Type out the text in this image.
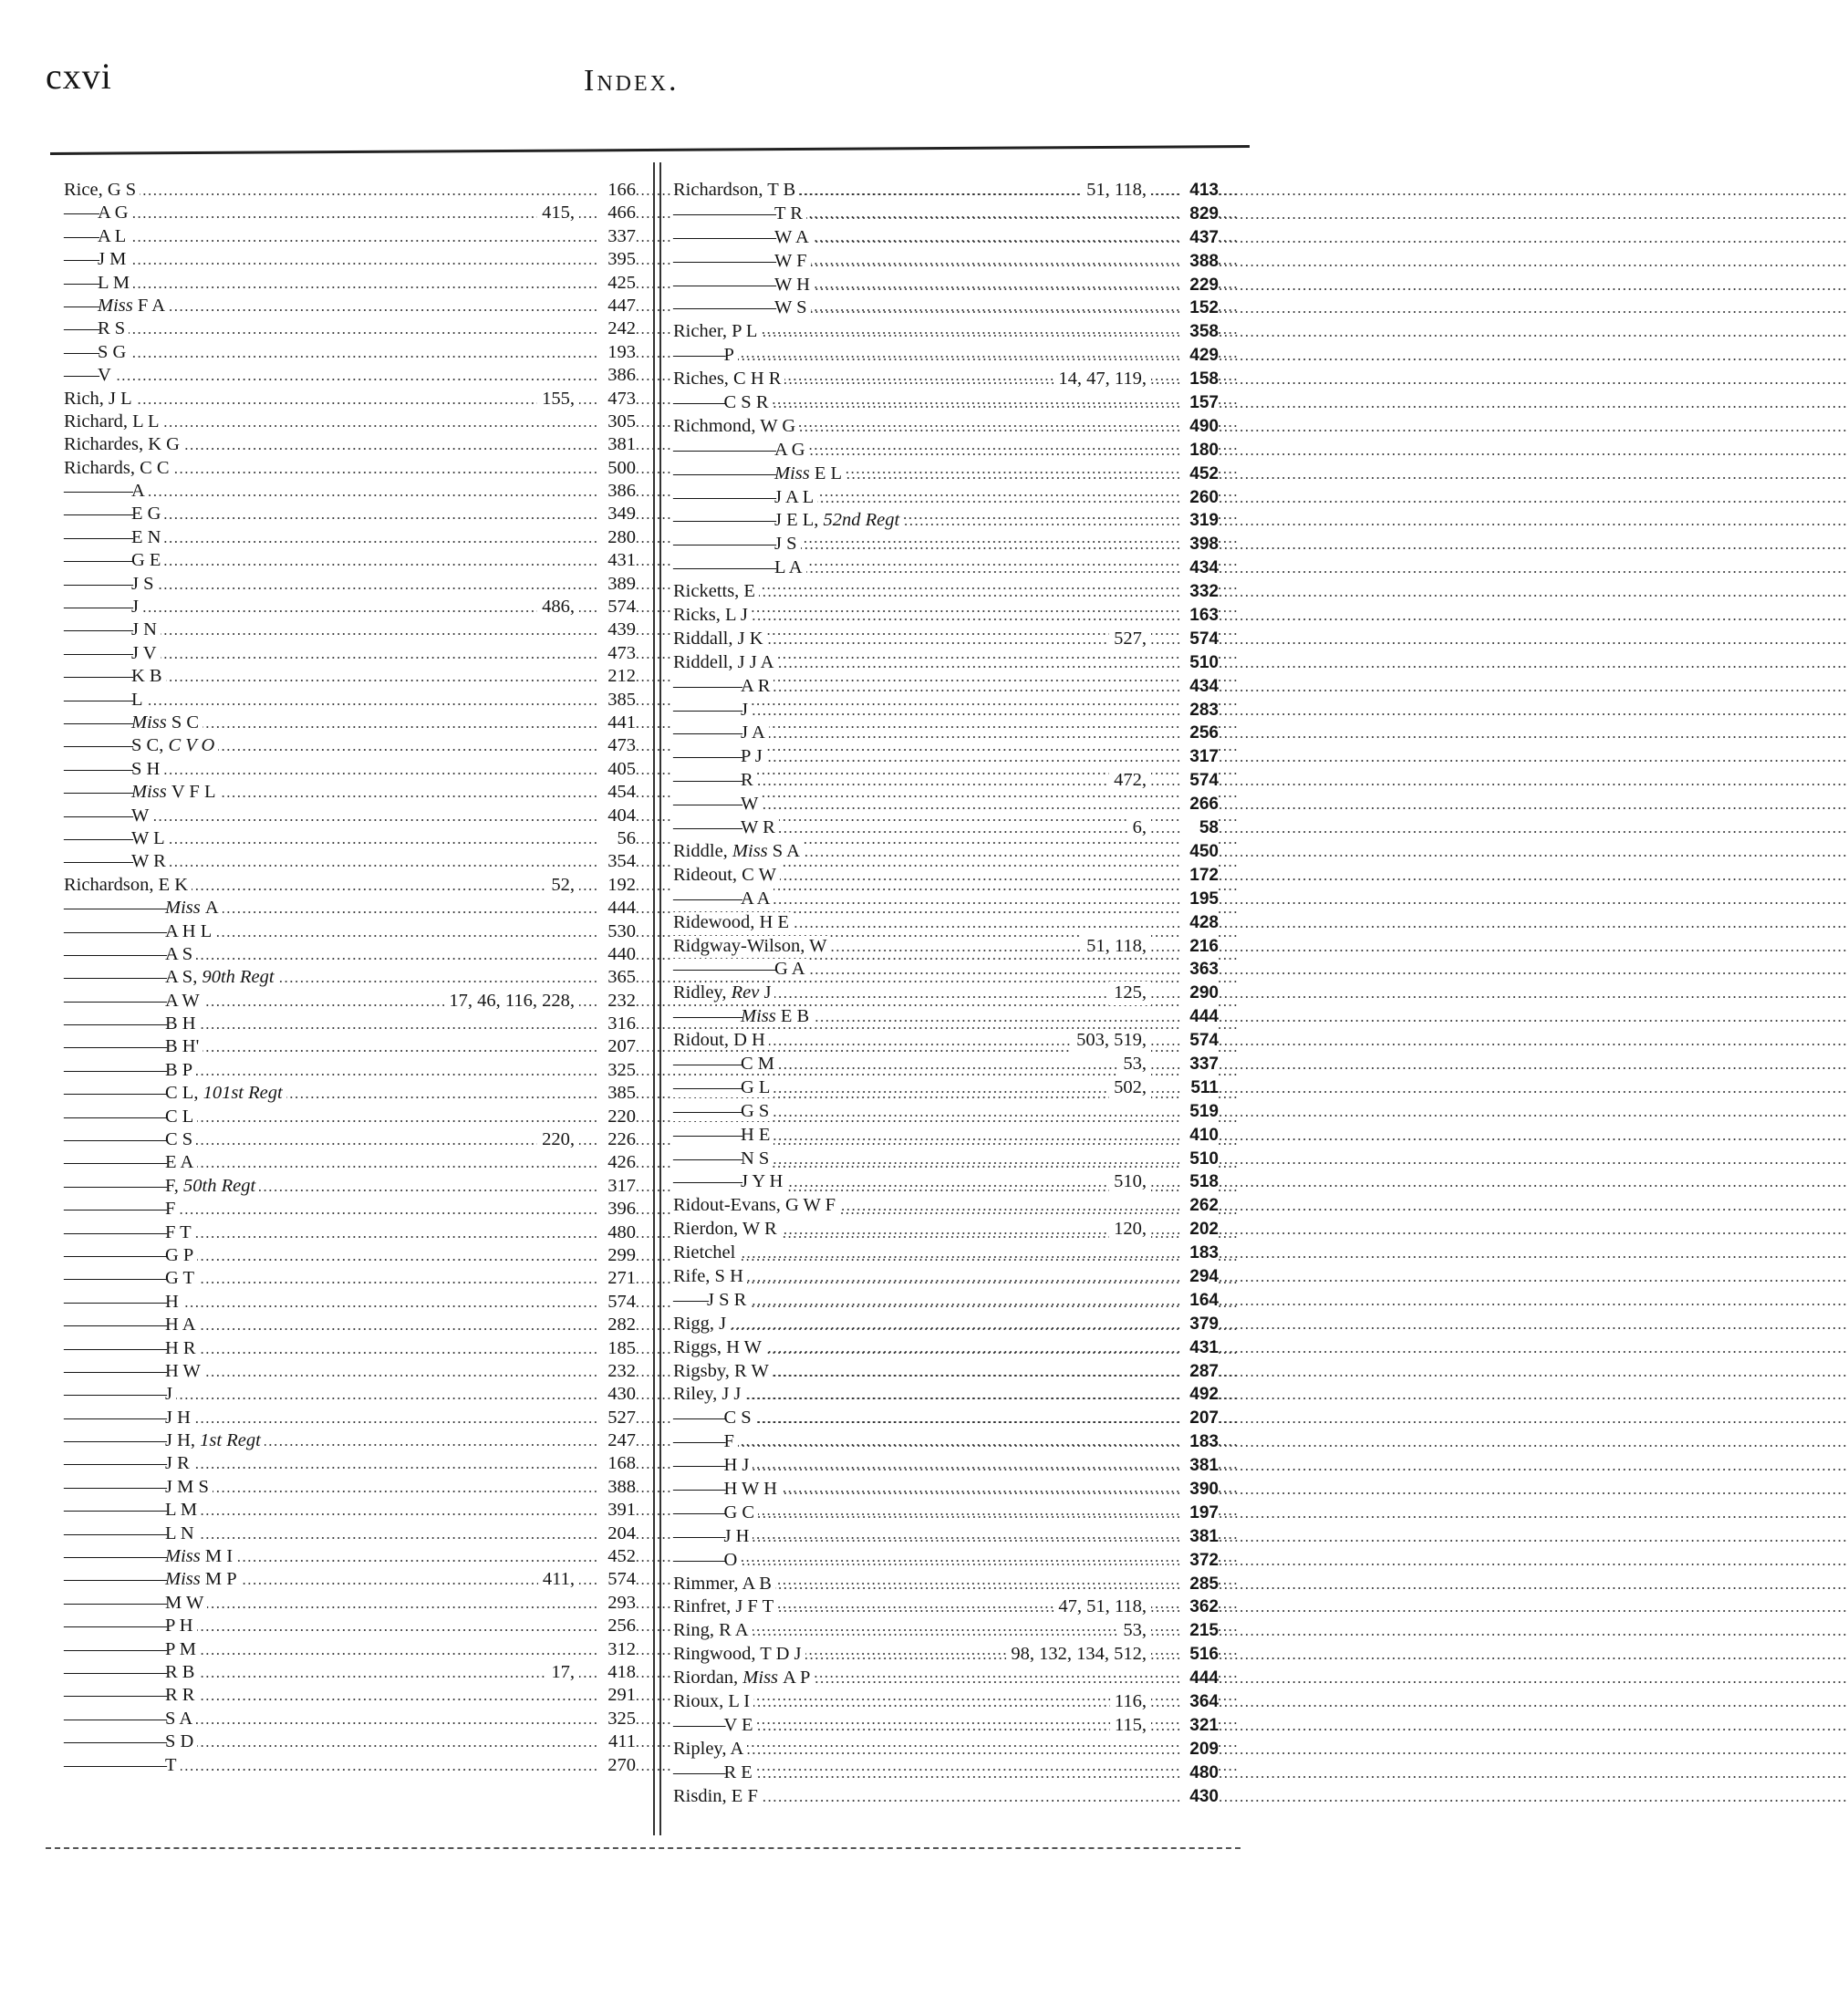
cxvi	Index.
.....
Rice, G S	166
.....
——A G	415,	466
.....
——A L	337
.....
——J M	395
.....
——L M	425
.....
——Miss F A	447
.....
——R S	242
.....
——S G	193
.....
——V	386
.....
Rich, J L	155,	473
.....
Richard, L L	305
.....
Richardes, K G	381
.....
Richards, C C	500
.....
————A	386
.....
————E G	349
.....
————E N	280
.....
————G E	431
.....
————J S	389
.....
————J	486,	574
.....
————J N	439
.....
————J V	473
.....
————K B	212
.....
————L	385
.....
————Miss S C	441
.....
————S C, C V O	473
.....
————S H	405
.....
————Miss V F L	454
.....
————W	404
.....
————W L	56
.....
————W R	354
.....
Richardson, E K	52,	192
.....
——————Miss A	444
.....
——————A H L	530
.....
——————A S	440
.....
——————A S, 90th Regt	365
.....
——————A W	17, 46, 116, 228,	232
.....
——————B H	316
.....
——————B H'	207
.....
——————B P	325
.....
——————C L, 101st Regt	385
.....
——————C L	220
.....
——————C S	220,	226
.....
——————E A	426
.....
——————F, 50th Regt	317
.....
——————F	396
.....
——————F T	480
.....
——————G P	299
.....
——————G T	271
.....
——————H	574
.....
——————H A	282
.....
——————H R	185
.....
——————H W	232
.....
——————J	430
.....
——————J H	527
.....
——————J H, 1st Regt	247
.....
——————J R	168
.....
——————J M S	388
.....
——————L M	391
.....
——————L N	204
.....
——————Miss M I	452
.....
——————Miss M P	411,	574
.....
——————M W	293
.....
——————P H	256
.....
——————P M	312
.....
——————R B	17,	418
.....
——————R R	291
.....
——————S A	325
.....
——————S D	411
.....
——————T	270
.....
Richardson, T B	51, 118,	413
.....
——————T R	829
.....
——————W A	437
.....
——————W F	388
.....
——————W H	229
.....
——————W S	152
.....
Richer, P L	358
.....
———P	429
.....
Riches, C H R	14, 47, 119,	158
.....
———C S R	157
.....
Richmond, W G	490
.....
——————A G	180
.....
——————Miss E L	452
.....
——————J A L	260
.....
——————J E L, 52nd Regt	319
.....
——————J S	398
.....
——————L A	434
.....
Ricketts, E	332
.....
Ricks, L J	163
.....
Riddall, J K	527,	574
.....
Riddell, J J A	510
.....
————A R	434
.....
————J	283
.....
————J A	256
.....
————P J	317
.....
————R	472,	574
.....
————W	266
.....
————W R	6,	58
.....
Riddle, Miss S A	450
.....
Rideout, C W	172
.....
————A A	195
.....
Ridewood, H E	428
.....
Ridgway-Wilson, W	51, 118,	216
.....
——————G A	363
.....
Ridley, Rev J	125,	290
.....
————Miss E B	444
.....
Ridout, D H	503, 519,	574
.....
————C M	53,	337
.....
————G L	502,	511
.....
————G S	519
.....
————H E	410
.....
————N S	510
.....
————J Y H	510,	518
.....
Ridout-Evans, G W F	262
.....
Rierdon, W R	120,	202
.....
Rietchel	183
.....
Rife, S H	294
.....
——J S R	164
.....
Rigg, J	379
.....
Riggs, H W	431
.....
Rigsby, R W	287
.....
Riley, J J	492
.....
———C S	207
.....
———F	183
.....
———H J	381
.....
———H W H	390
.....
———G C	197
.....
———J H	381
.....
———O	372
.....
Rimmer, A B	285
.....
Rinfret, J F T	47, 51, 118,	362
.....
Ring, R A	53,	215
.....
Ringwood, T D J	98, 132, 134, 512,	516
.....
Riordan, Miss A P	444
.....
Rioux, L I	116,	364
.....
———V E	115,	321
.....
Ripley, A	209
.....
———R E	480
.....
Risdin, E F	430
